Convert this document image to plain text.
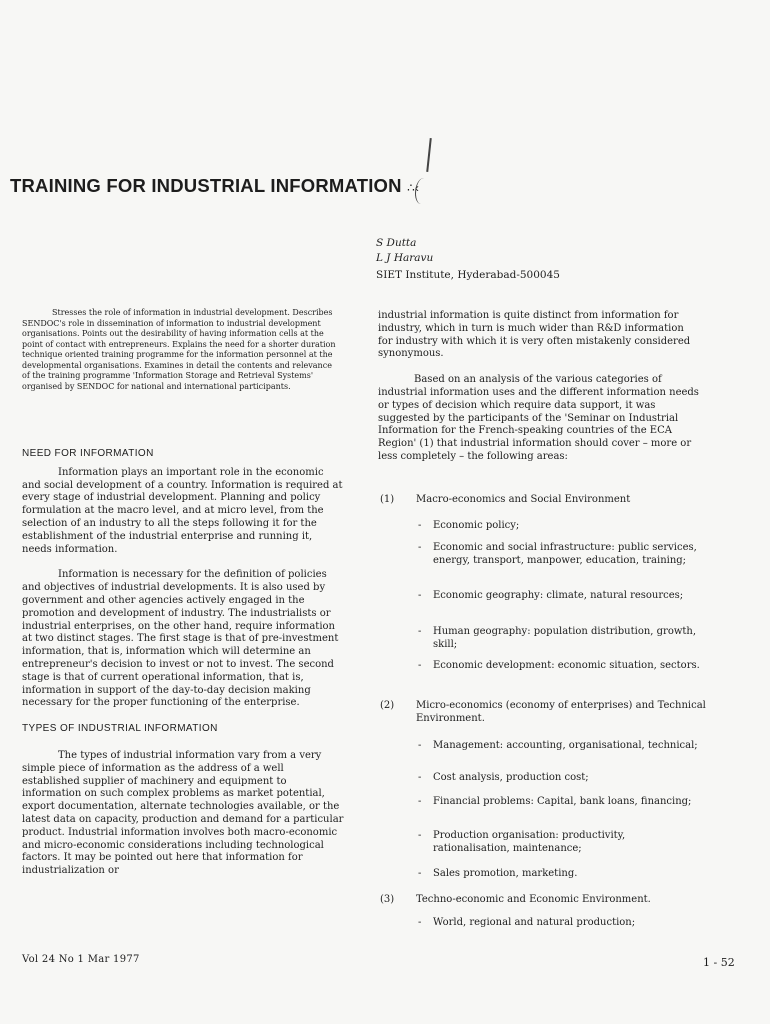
TRAINING FOR INDUSTRIAL INFORMATION ∴‹
S Dutta
L J Haravu
SIET Institute, Hyderabad-500045
Stresses the role of information in industrial development. Describes SENDOC's role in dissemination of information to industrial development organisations. Points out the desirability of having information cells at the point of contact with entrepreneurs. Explains the need for a shorter duration technique oriented training programme for the information personnel at the developmental organisations. Examines in detail the contents and relevance of the training programme 'Information Storage and Retrieval Systems' organised by SENDOC for national and international participants.
NEED FOR INFORMATION

Information plays an important role in the economic and social development of a country. Information is required at every stage of industrial development. Planning and policy formulation at the macro level, and at micro level, from the selection of an industry to all the steps following it for the establishment of the industrial enterprise and running it, needs information.

Information is necessary for the definition of policies and objectives of industrial developments. It is also used by government and other agencies actively engaged in the promotion and development of industry. The industrialists or industrial enterprises, on the other hand, require information at two distinct stages. The first stage is that of pre-investment information, that is, information which will determine an entrepreneur's decision to invest or not to invest. The second stage is that of current operational information, that is, information in support of the day-to-day decision making necessary for the proper functioning of the enterprise.

TYPES OF INDUSTRIAL INFORMATION

The types of industrial information vary from a very simple piece of information as the address of a well established supplier of machinery and equipment to information on such complex problems as market potential, export documentation, alternate technologies available, or the latest data on capacity, production and demand for a particular product. Industrial information involves both macro-economic and micro-economic considerations including technological factors. It may be pointed out here that information for industrialization or

industrial information is quite distinct from information for industry, which in turn is much wider than R&D information for industry with which it is very often mistakenly considered synonymous.

Based on an analysis of the various categories of industrial information uses and the different information needs or types of decision which require data support, it was suggested by the participants of the 'Seminar on Industrial Information for the French-speaking countries of the ECA Region' (1) that industrial information should cover – more or less completely – the following areas:

(1) Macro-economics and Social Environment
- Economic policy;
- Economic and social infrastructure: public services, energy, transport, manpower, education, training;
- Economic geography: climate, natural resources;
- Human geography: population distribution, growth, skill;
- Economic development: economic situation, sectors.
(2) Micro-economics (economy of enterprises) and Technical Environment.
- Management: accounting, organisational, technical;
- Cost analysis, production cost;
- Financial problems: Capital, bank loans, financing;
- Production organisation: productivity, rationalisation, maintenance;
- Sales promotion, marketing.
(3) Techno-economic and Economic Environment.
- World, regional and natural production;
Vol 24 No 1 Mar 1977	1 - 52
